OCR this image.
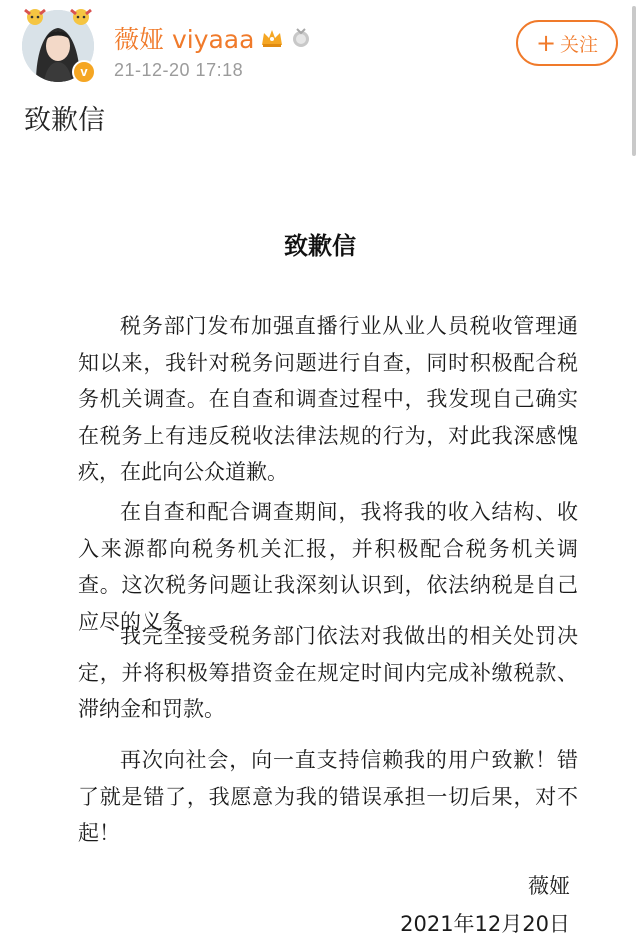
v
薇娅 viyaaa
21-12-20 17:18
+ 关注
致歉信
致歉信
税务部门发布加强直播行业从业人员税收管理通知以来，我针对税务问题进行自查，同时积极配合税务机关调查。在自查和调查过程中，我发现自己确实在税务上有违反税收法律法规的行为，对此我深感愧疚，在此向公众道歉。
在自查和配合调查期间，我将我的收入结构、收入来源都向税务机关汇报，并积极配合税务机关调查。这次税务问题让我深刻认识到，依法纳税是自己应尽的义务。
我完全接受税务部门依法对我做出的相关处罚决定，并将积极筹措资金在规定时间内完成补缴税款、滞纳金和罚款。
再次向社会，向一直支持信赖我的用户致歉！错了就是错了，我愿意为我的错误承担一切后果，对不起！
薇娅
2021年12月20日
